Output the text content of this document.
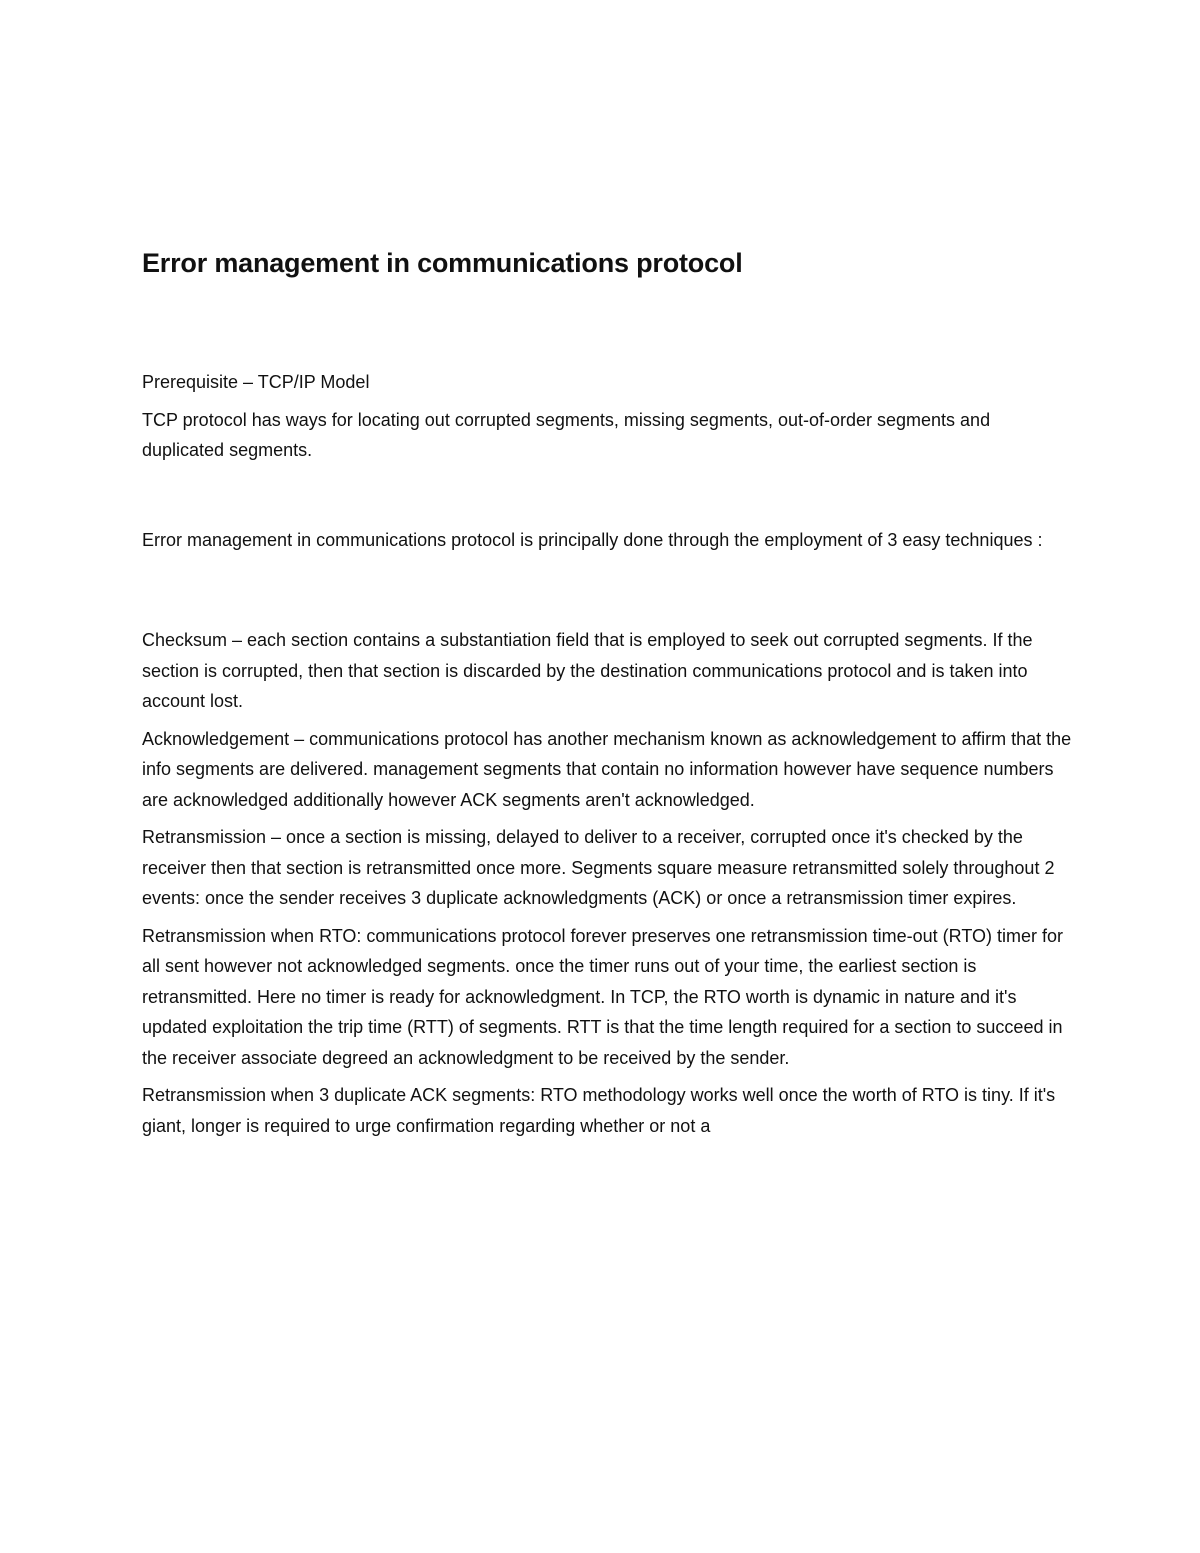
Error management in communications protocol

Prerequisite – TCP/IP Model

TCP protocol has ways for locating out corrupted segments, missing segments, out-of-order segments and duplicated segments.

Error management in communications protocol is principally done through the employment of 3 easy techniques :

Checksum – each section contains a substantiation field that is employed to seek out corrupted segments. If the section is corrupted, then that section is discarded by the destination communications protocol and is taken into account lost.

Acknowledgement – communications protocol has another mechanism known as acknowledgement to affirm that the info segments are delivered. management segments that contain no information however have sequence numbers are acknowledged additionally however ACK segments aren't acknowledged.

Retransmission – once a section is missing, delayed to deliver to a receiver, corrupted once it's checked by the receiver then that section is retransmitted once more. Segments square measure retransmitted solely throughout 2 events: once the sender receives 3 duplicate acknowledgments (ACK) or once a retransmission timer expires.

Retransmission when RTO: communications protocol forever preserves one retransmission time-out (RTO) timer for all sent however not acknowledged segments. once the timer runs out of your time, the earliest section is retransmitted. Here no timer is ready for acknowledgment. In TCP, the RTO worth is dynamic in nature and it's updated exploitation the trip time (RTT) of segments. RTT is that the time length required for a section to succeed in the receiver associate degreed an acknowledgment to be received by the sender.

Retransmission when 3 duplicate ACK segments: RTO methodology works well once the worth of RTO is tiny. If it's giant, longer is required to urge confirmation regarding whether or not a
